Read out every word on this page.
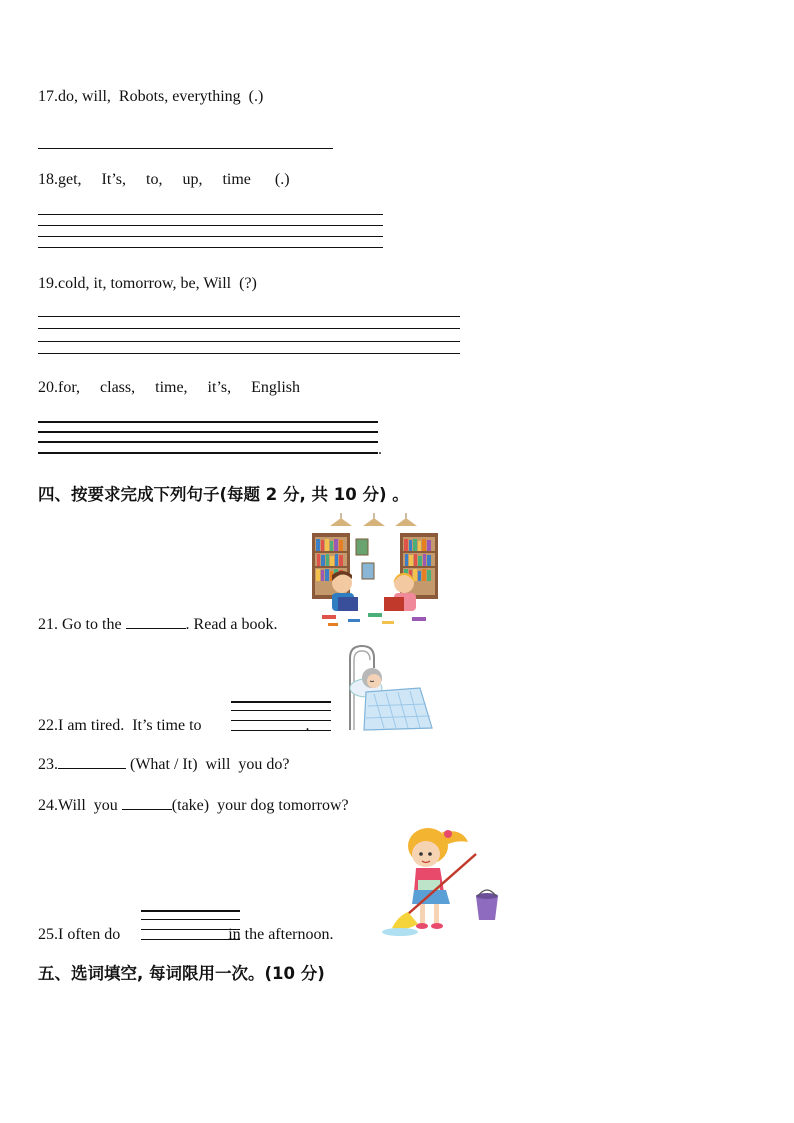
17.do, will,  Robots, everything  (.)
18.get,     It’s,     to,     up,     time      (.)
19.cold, it, tomorrow, be, Will  (?)
20.for,     class,     time,     it’s,     English
.
四、按要求完成下列句子(每题 2 分, 共 10 分) 。
21. Go to the	. Read a book.
22.I am tired.  It’s time to	.
23.	(What / It)  will  you do?
24.Will  you	(take)  your dog tomorrow?
25.I often do	in the afternoon.
五、选词填空, 每词限用一次。(10 分)
